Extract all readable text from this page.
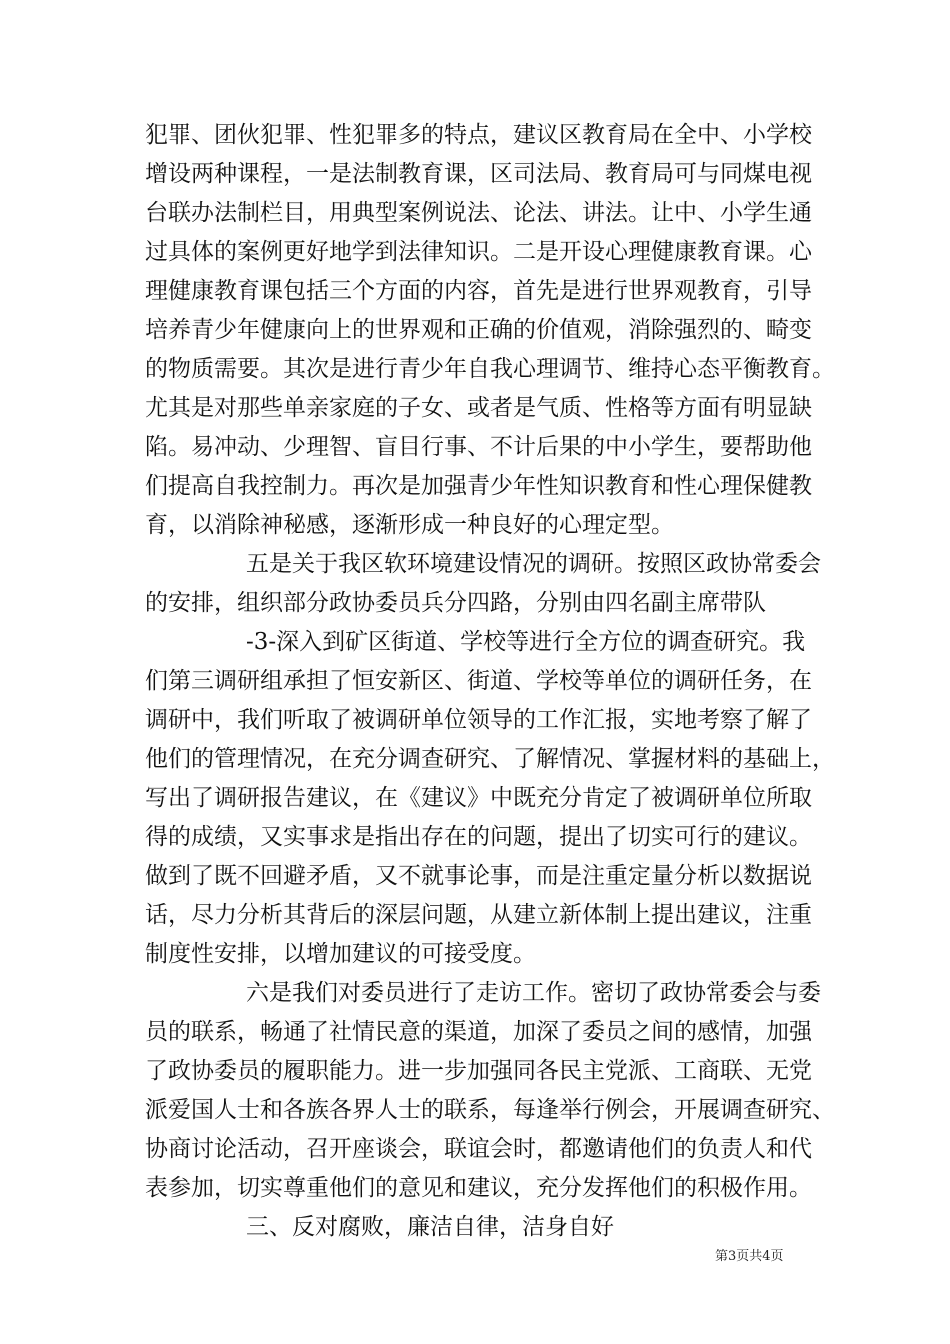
犯罪、团伙犯罪、性犯罪多的特点，建议区教育局在全中、小学校
增设两种课程，一是法制教育课，区司法局、教育局可与同煤电视
台联办法制栏目，用典型案例说法、论法、讲法。让中、小学生通
过具体的案例更好地学到法律知识。二是开设心理健康教育课。心
理健康教育课包括三个方面的内容，首先是进行世界观教育，引导
培养青少年健康向上的世界观和正确的价值观，消除强烈的、畸变
的物质需要。其次是进行青少年自我心理调节、维持心态平衡教育。
尤其是对那些单亲家庭的子女、或者是气质、性格等方面有明显缺
陷。易冲动、少理智、盲目行事、不计后果的中小学生，要帮助他
们提高自我控制力。再次是加强青少年性知识教育和性心理保健教
育，以消除神秘感，逐渐形成一种良好的心理定型。
五是关于我区软环境建设情况的调研。按照区政协常委会
的安排，组织部分政协委员兵分四路，分别由四名副主席带队
-3-深入到矿区街道、学校等进行全方位的调查研究。我
们第三调研组承担了恒安新区、街道、学校等单位的调研任务，在
调研中，我们听取了被调研单位领导的工作汇报，实地考察了解了
他们的管理情况，在充分调查研究、了解情况、掌握材料的基础上，
写出了调研报告建议，在《建议》中既充分肯定了被调研单位所取
得的成绩，又实事求是指出存在的问题，提出了切实可行的建议。
做到了既不回避矛盾，又不就事论事，而是注重定量分析以数据说
话，尽力分析其背后的深层问题，从建立新体制上提出建议，注重
制度性安排，以增加建议的可接受度。
六是我们对委员进行了走访工作。密切了政协常委会与委
员的联系，畅通了社情民意的渠道，加深了委员之间的感情，加强
了政协委员的履职能力。进一步加强同各民主党派、工商联、无党
派爱国人士和各族各界人士的联系，每逢举行例会，开展调查研究、
协商讨论活动，召开座谈会，联谊会时，都邀请他们的负责人和代
表参加，切实尊重他们的意见和建议，充分发挥他们的积极作用。
三、反对腐败，廉洁自律，洁身自好
第3页共4页
